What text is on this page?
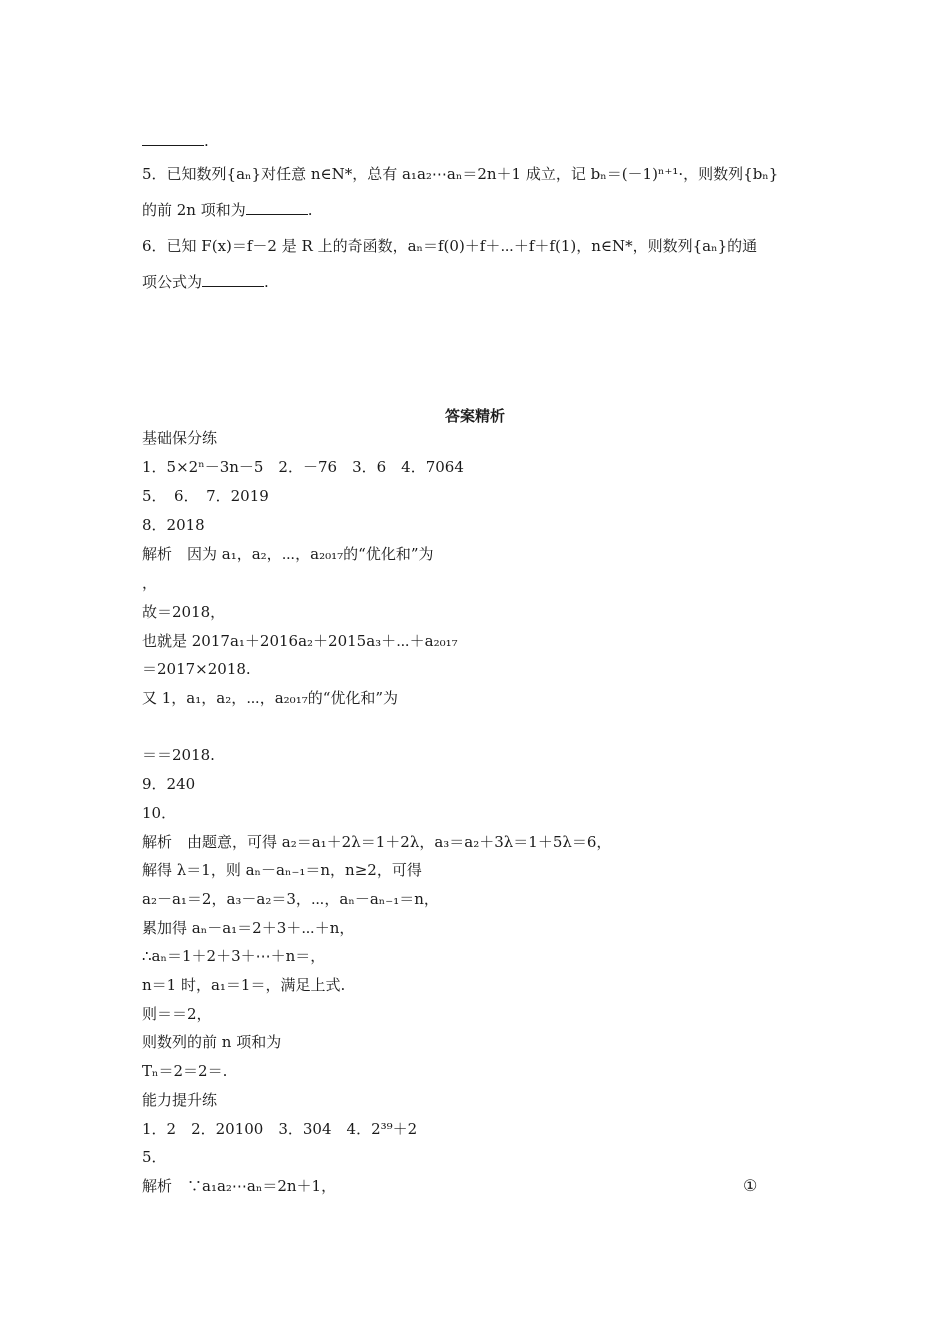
.
5．已知数列{aₙ}对任意 n∈N*，总有 a₁a₂⋯aₙ＝2n＋1 成立，记 bₙ＝(－1)ⁿ⁺¹·，则数列{bₙ}
的前 2n 项和为	.
6．已知 F(x)＝f－2 是 R 上的奇函数，aₙ＝f(0)＋f＋⋯＋f＋f(1)，n∈N*，则数列{aₙ}的通
项公式为	.
答案精析
基础保分练
1．5×2ⁿ－3n－5　2．－76　3．6　4．7064
5．　6．　7．2019
8．2018
解析　因为 a₁，a₂，⋯，a₂₀₁₇的“优化和”为
，
故＝2018，
也就是 2017a₁＋2016a₂＋2015a₃＋⋯＋a₂₀₁₇
＝2017×2018.
又 1，a₁，a₂，⋯，a₂₀₁₇的“优化和”为
＝＝2018.
9．240
10．
解析　由题意，可得 a₂＝a₁＋2λ＝1＋2λ，a₃＝a₂＋3λ＝1＋5λ＝6，
解得 λ＝1，则 aₙ－aₙ₋₁＝n，n≥2，可得
a₂－a₁＝2，a₃－a₂＝3，⋯，aₙ－aₙ₋₁＝n，
累加得 aₙ－a₁＝2＋3＋⋯＋n，
∴aₙ＝1＋2＋3＋⋯＋n＝，
n＝1 时，a₁＝1＝，满足上式.
则＝＝2，
则数列的前 n 项和为
Tₙ＝2＝2＝.
能力提升练
1．2　2．20100　3．304　4．2³⁹＋2
5．
解析　∵a₁a₂⋯aₙ＝2n＋1，	①
